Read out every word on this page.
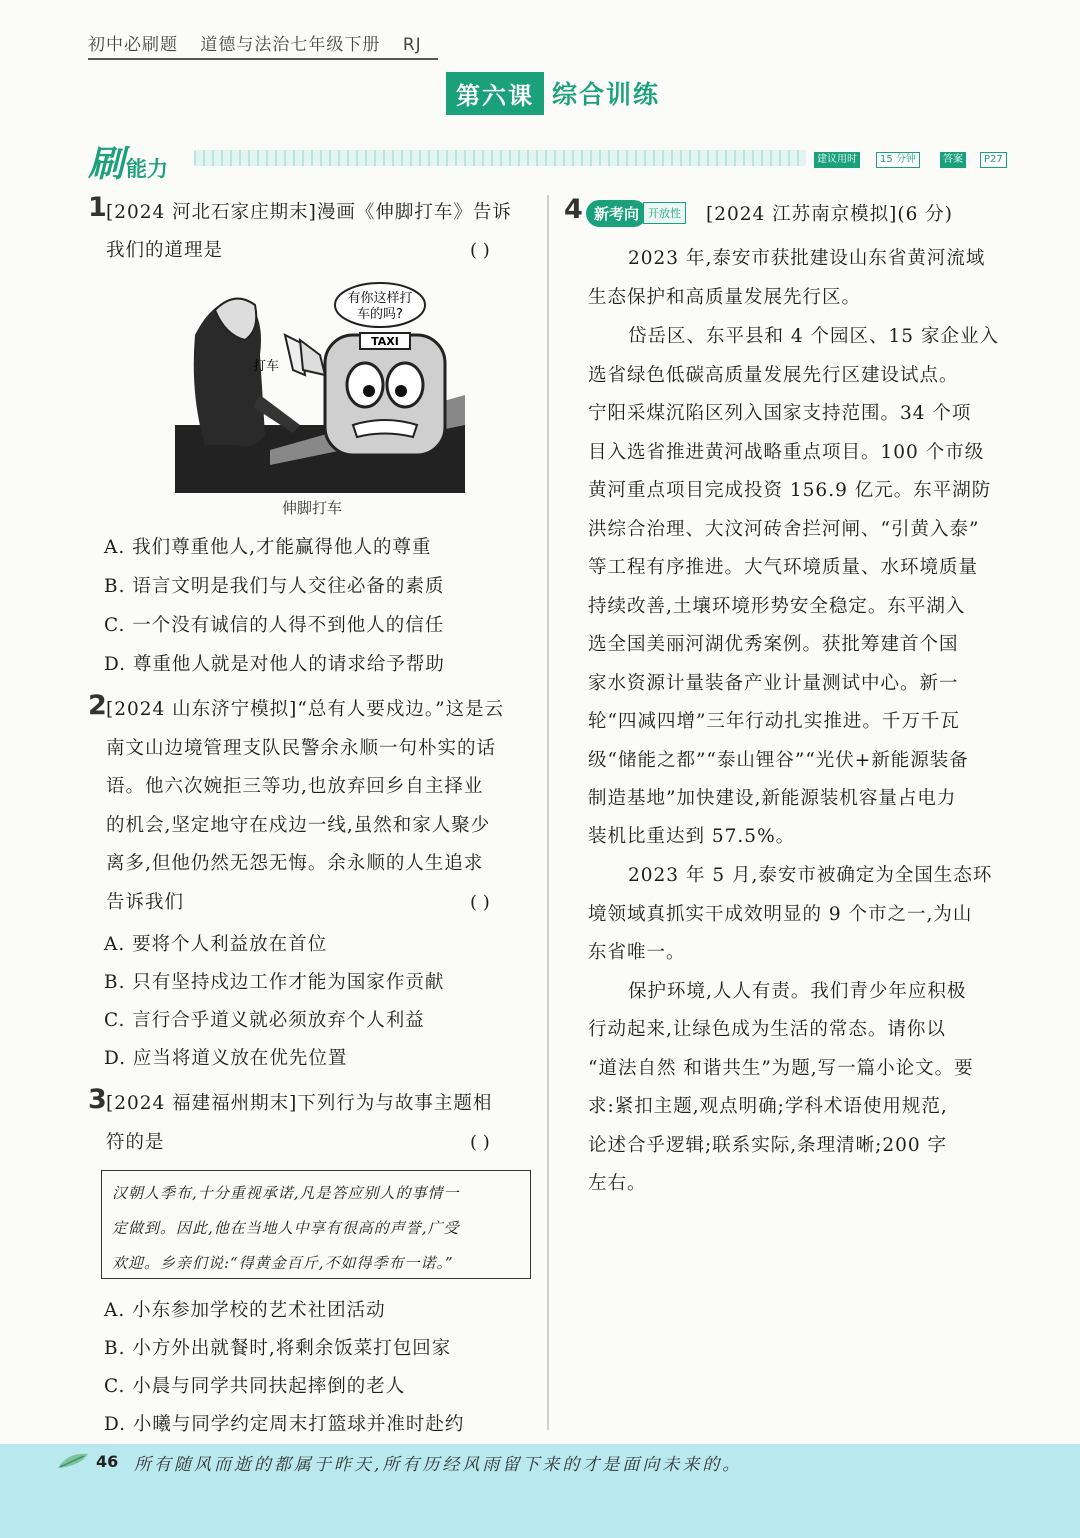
初中必刷题 道德与法治七年级下册 RJ
第六课 综合训练
刷 能力	建议用时	15 分钟	答案	P27
1 [2024 河北石家庄期末]漫画《伸脚打车》告诉
我们的道理是	( )
TAXI
有你这样打
车的吗?
打车
伸脚打车
A. 我们尊重他人,才能赢得他人的尊重
B. 语言文明是我们与人交往必备的素质
C. 一个没有诚信的人得不到他人的信任
D. 尊重他人就是对他人的请求给予帮助
2 [2024 山东济宁模拟]“总有人要戍边。”这是云
南文山边境管理支队民警余永顺一句朴实的话
语。他六次婉拒三等功,也放弃回乡自主择业
的机会,坚定地守在戍边一线,虽然和家人聚少
离多,但他仍然无怨无悔。余永顺的人生追求
告诉我们	( )
A. 要将个人利益放在首位
B. 只有坚持戍边工作才能为国家作贡献
C. 言行合乎道义就必须放弃个人利益
D. 应当将道义放在优先位置
3 [2024 福建福州期末]下列行为与故事主题相
符的是	( )
汉朝人季布,十分重视承诺,凡是答应别人的事情一
定做到。因此,他在当地人中享有很高的声誉,广受
欢迎。乡亲们说:“得黄金百斤,不如得季布一诺。”
A. 小东参加学校的艺术社团活动
B. 小方外出就餐时,将剩余饭菜打包回家
C. 小晨与同学共同扶起摔倒的老人
D. 小曦与同学约定周末打篮球并准时赴约
4 新考向 开放性 [2024 江苏南京模拟](6 分)
2023 年,泰安市获批建设山东省黄河流域
生态保护和高质量发展先行区。
岱岳区、东平县和 4 个园区、15 家企业入
选省绿色低碳高质量发展先行区建设试点。
宁阳采煤沉陷区列入国家支持范围。34 个项
目入选省推进黄河战略重点项目。100 个市级
黄河重点项目完成投资 156.9 亿元。东平湖防
洪综合治理、大汶河砖舍拦河闸、“引黄入泰”
等工程有序推进。大气环境质量、水环境质量
持续改善,土壤环境形势安全稳定。东平湖入
选全国美丽河湖优秀案例。获批筹建首个国
家水资源计量装备产业计量测试中心。新一
轮“四减四增”三年行动扎实推进。千万千瓦
级“储能之都”“泰山锂谷”“光伏+新能源装备
制造基地”加快建设,新能源装机容量占电力
装机比重达到 57.5%。
2023 年 5 月,泰安市被确定为全国生态环
境领域真抓实干成效明显的 9 个市之一,为山
东省唯一。
保护环境,人人有责。我们青少年应积极
行动起来,让绿色成为生活的常态。请你以
“道法自然 和谐共生”为题,写一篇小论文。要
求:紧扣主题,观点明确;学科术语使用规范,
论述合乎逻辑;联系实际,条理清晰;200 字
左右。
46 所有随风而逝的都属于昨天,所有历经风雨留下来的才是面向未来的。
